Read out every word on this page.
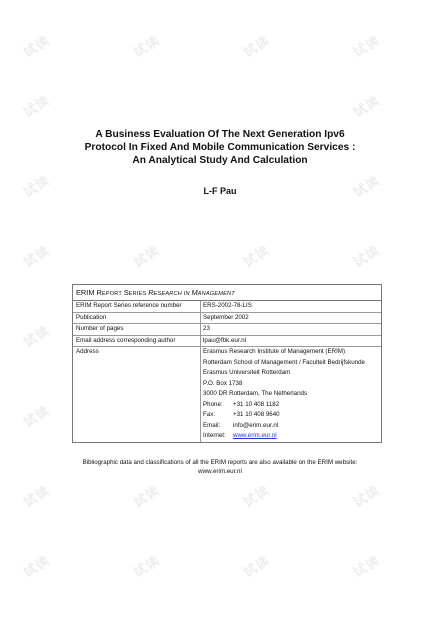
试读	试读	试读	试读
试读	试读
试读	试读
试读	试读	试读	试读
试读
试读
试读	试读	试读	试读
试读	试读	试读	试读
A Business Evaluation Of The Next Generation Ipv6
Protocol In Fixed And Mobile Communication Services :
An Analytical Study And Calculation
L-F Pau
ERIM REPORT SERIES RESEARCH IN MANAGEMENT
ERIM Report Series reference number	ERS-2002-78-LIS
Publication	September 2002
Number of pages	23
Email address corresponding author	lpau@fbk.eur.nl
Address	Erasmus Research Institute of Management (ERIM)
Rotterdam School of Management / Faculteit Bedrijfskunde
Erasmus Universiteit Rotterdam
P.O. Box 1738
3000 DR Rotterdam, The Netherlands
Phone:	+31 10 408 1182
Fax:	+31 10 408 9640
Email:	info@erim.eur.nl
Internet:	www.erim.eur.nl
Bibliographic data and classifications of all the ERIM reports are also available on the ERIM website:
www.erim.eur.nl
